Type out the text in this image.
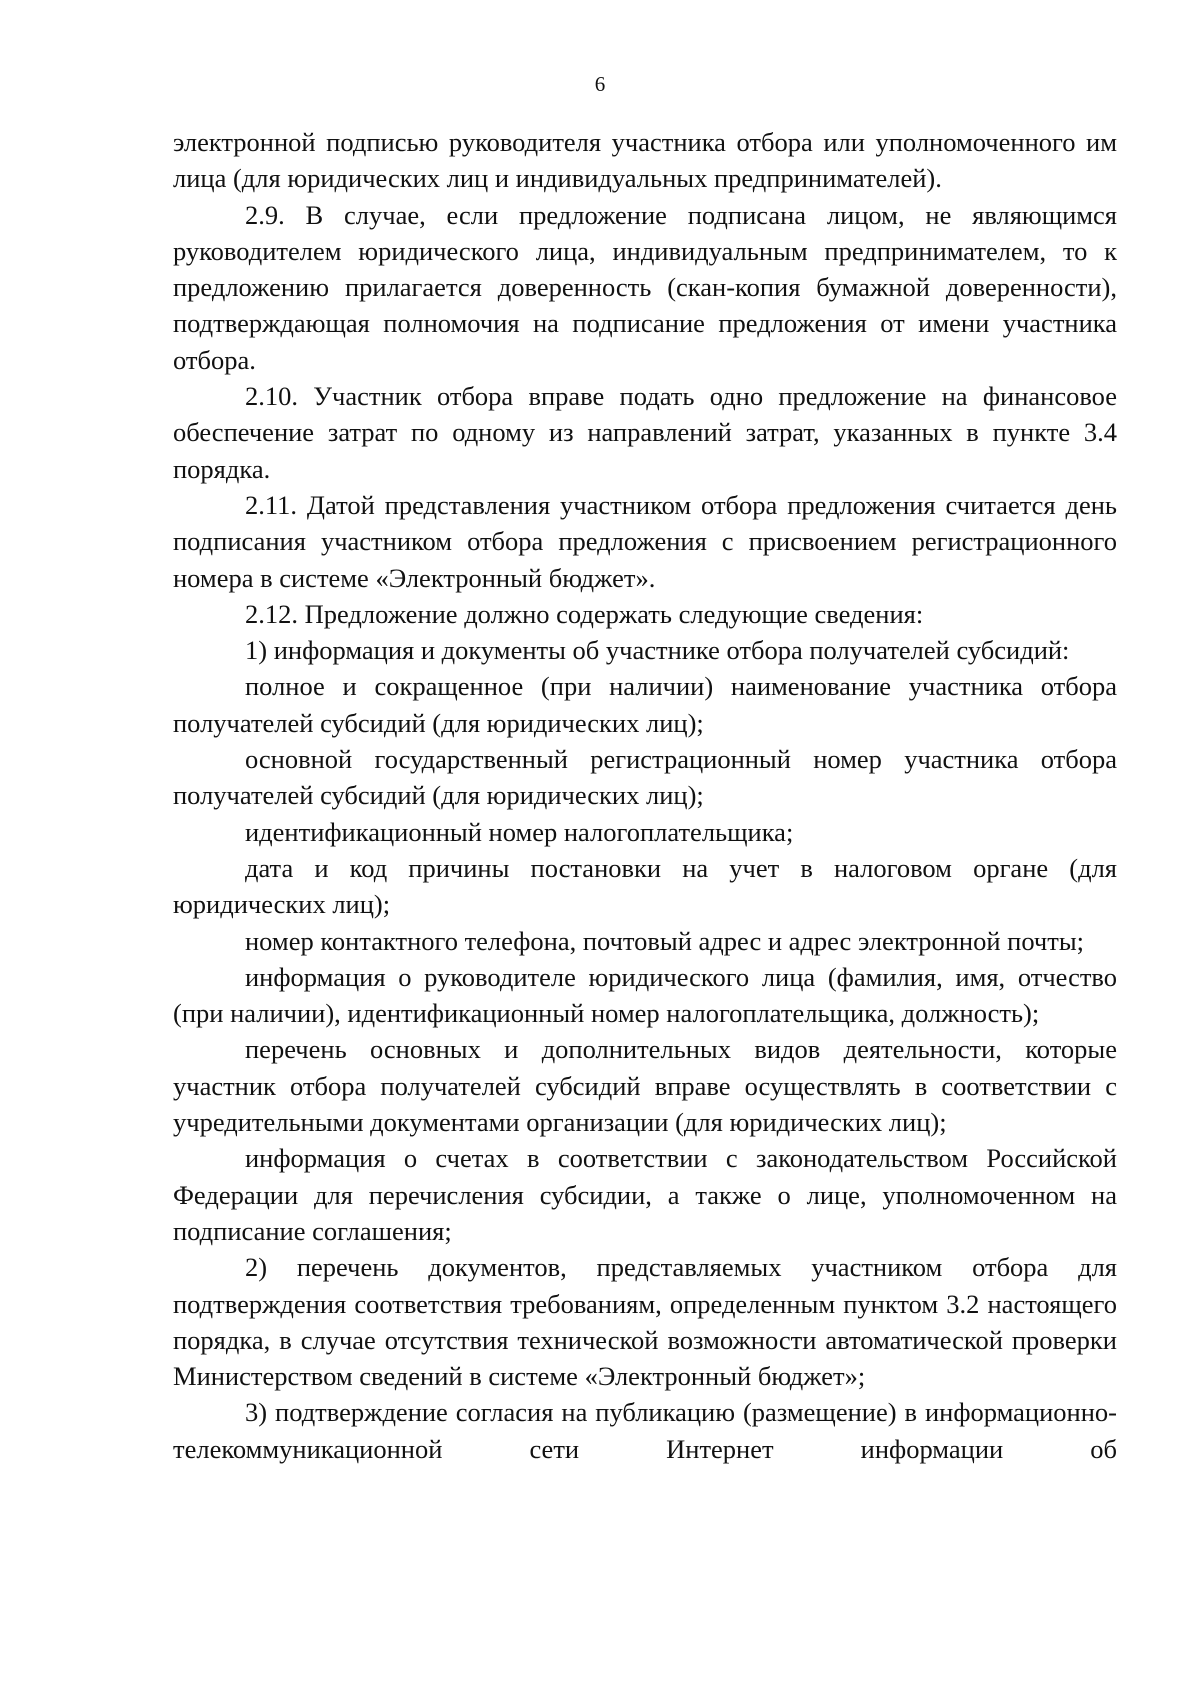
6

электронной подписью руководителя участника отбора или уполномоченного им лица (для юридических лиц и индивидуальных предпринимателей).

2.9. В случае, если предложение подписана лицом, не являющимся руководителем юридического лица, индивидуальным предпринимателем, то к предложению прилагается доверенность (скан-копия бумажной доверенности), подтверждающая полномочия на подписание предложения от имени участника отбора.

2.10. Участник отбора вправе подать одно предложение на финансовое обеспечение затрат по одному из направлений затрат, указанных в пункте 3.4 порядка.

2.11. Датой представления участником отбора предложения считается день подписания участником отбора предложения с присвоением регистрационного номера в системе «Электронный бюджет».

2.12. Предложение должно содержать следующие сведения:

1) информация и документы об участнике отбора получателей субсидий:

полное и сокращенное (при наличии) наименование участника отбора получателей субсидий (для юридических лиц);

основной государственный регистрационный номер участника отбора получателей субсидий (для юридических лиц);

идентификационный номер налогоплательщика;

дата и код причины постановки на учет в налоговом органе (для юридических лиц);

номер контактного телефона, почтовый адрес и адрес электронной почты;

информация о руководителе юридического лица (фамилия, имя, отчество (при наличии), идентификационный номер налогоплательщика, должность);

перечень основных и дополнительных видов деятельности, которые участник отбора получателей субсидий вправе осуществлять в соответствии с учредительными документами организации (для юридических лиц);

информация о счетах в соответствии с законодательством Российской Федерации для перечисления субсидии, а также о лице, уполномоченном на подписание соглашения;

2) перечень документов, представляемых участником отбора для подтверждения соответствия требованиям, определенным пунктом 3.2 настоящего порядка, в случае отсутствия технической возможности автоматической проверки Министерством сведений в системе «Электронный бюджет»;

3) подтверждение согласия на публикацию (размещение) в информационно-телекоммуникационной сети Интернет информации об
